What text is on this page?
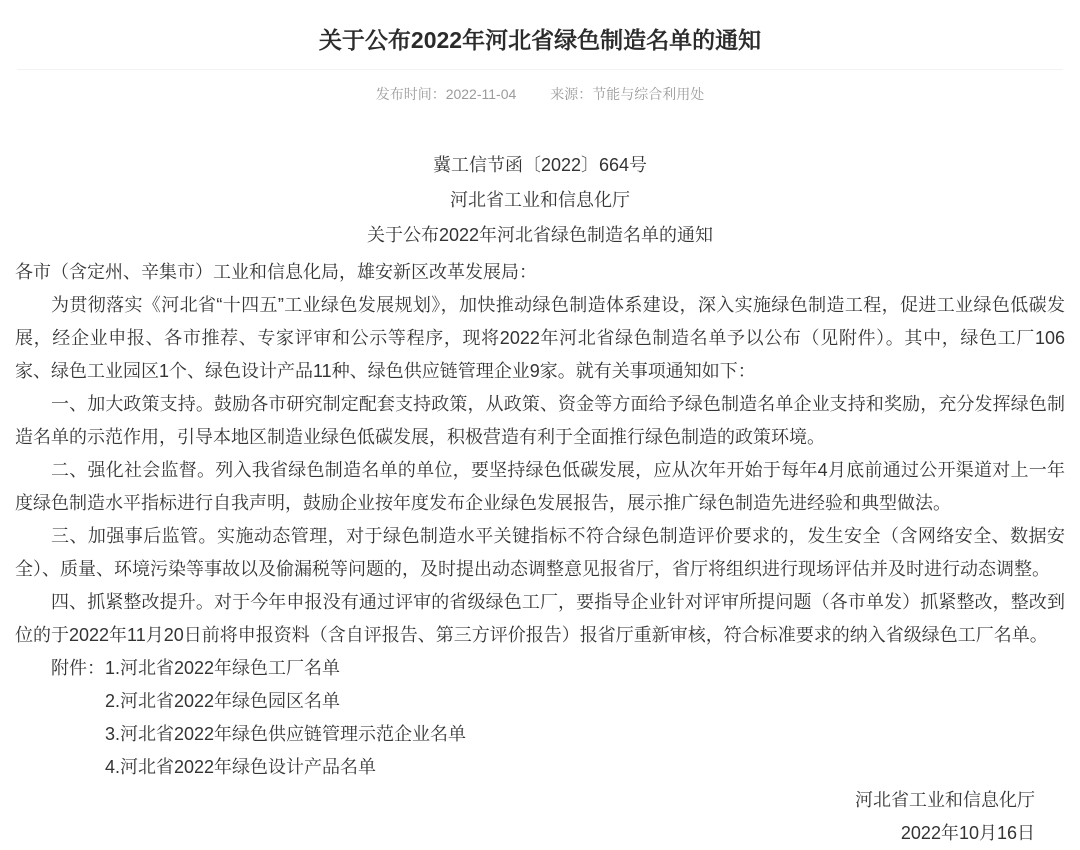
关于公布2022年河北省绿色制造名单的通知
发布时间：2022-11-04 来源：节能与综合利用处
冀工信节函〔2022〕664号
河北省工业和信息化厅
关于公布2022年河北省绿色制造名单的通知

各市（含定州、辛集市）工业和信息化局，雄安新区改革发展局：

为贯彻落实《河北省“十四五”工业绿色发展规划》，加快推动绿色制造体系建设，深入实施绿色制造工程，促进工业绿色低碳发展，经企业申报、各市推荐、专家评审和公示等程序，现将2022年河北省绿色制造名单予以公布（见附件）。其中，绿色工厂106家、绿色工业园区1个、绿色设计产品11种、绿色供应链管理企业9家。就有关事项通知如下：

一、加大政策支持。鼓励各市研究制定配套支持政策，从政策、资金等方面给予绿色制造名单企业支持和奖励，充分发挥绿色制造名单的示范作用，引导本地区制造业绿色低碳发展，积极营造有利于全面推行绿色制造的政策环境。

二、强化社会监督。列入我省绿色制造名单的单位，要坚持绿色低碳发展，应从次年开始于每年4月底前通过公开渠道对上一年度绿色制造水平指标进行自我声明，鼓励企业按年度发布企业绿色发展报告，展示推广绿色制造先进经验和典型做法。

三、加强事后监管。实施动态管理，对于绿色制造水平关键指标不符合绿色制造评价要求的，发生安全（含网络安全、数据安全）、质量、环境污染等事故以及偷漏税等问题的，及时提出动态调整意见报省厅，省厅将组织进行现场评估并及时进行动态调整。

四、抓紧整改提升。对于今年申报没有通过评审的省级绿色工厂，要指导企业针对评审所提问题（各市单发）抓紧整改，整改到位的于2022年11月20日前将申报资料（含自评报告、第三方评价报告）报省厅重新审核，符合标准要求的纳入省级绿色工厂名单。

附件：1.河北省2022年绿色工厂名单

2.河北省2022年绿色园区名单

3.河北省2022年绿色供应链管理示范企业名单

4.河北省2022年绿色设计产品名单

河北省工业和信息化厅
2022年10月16日
